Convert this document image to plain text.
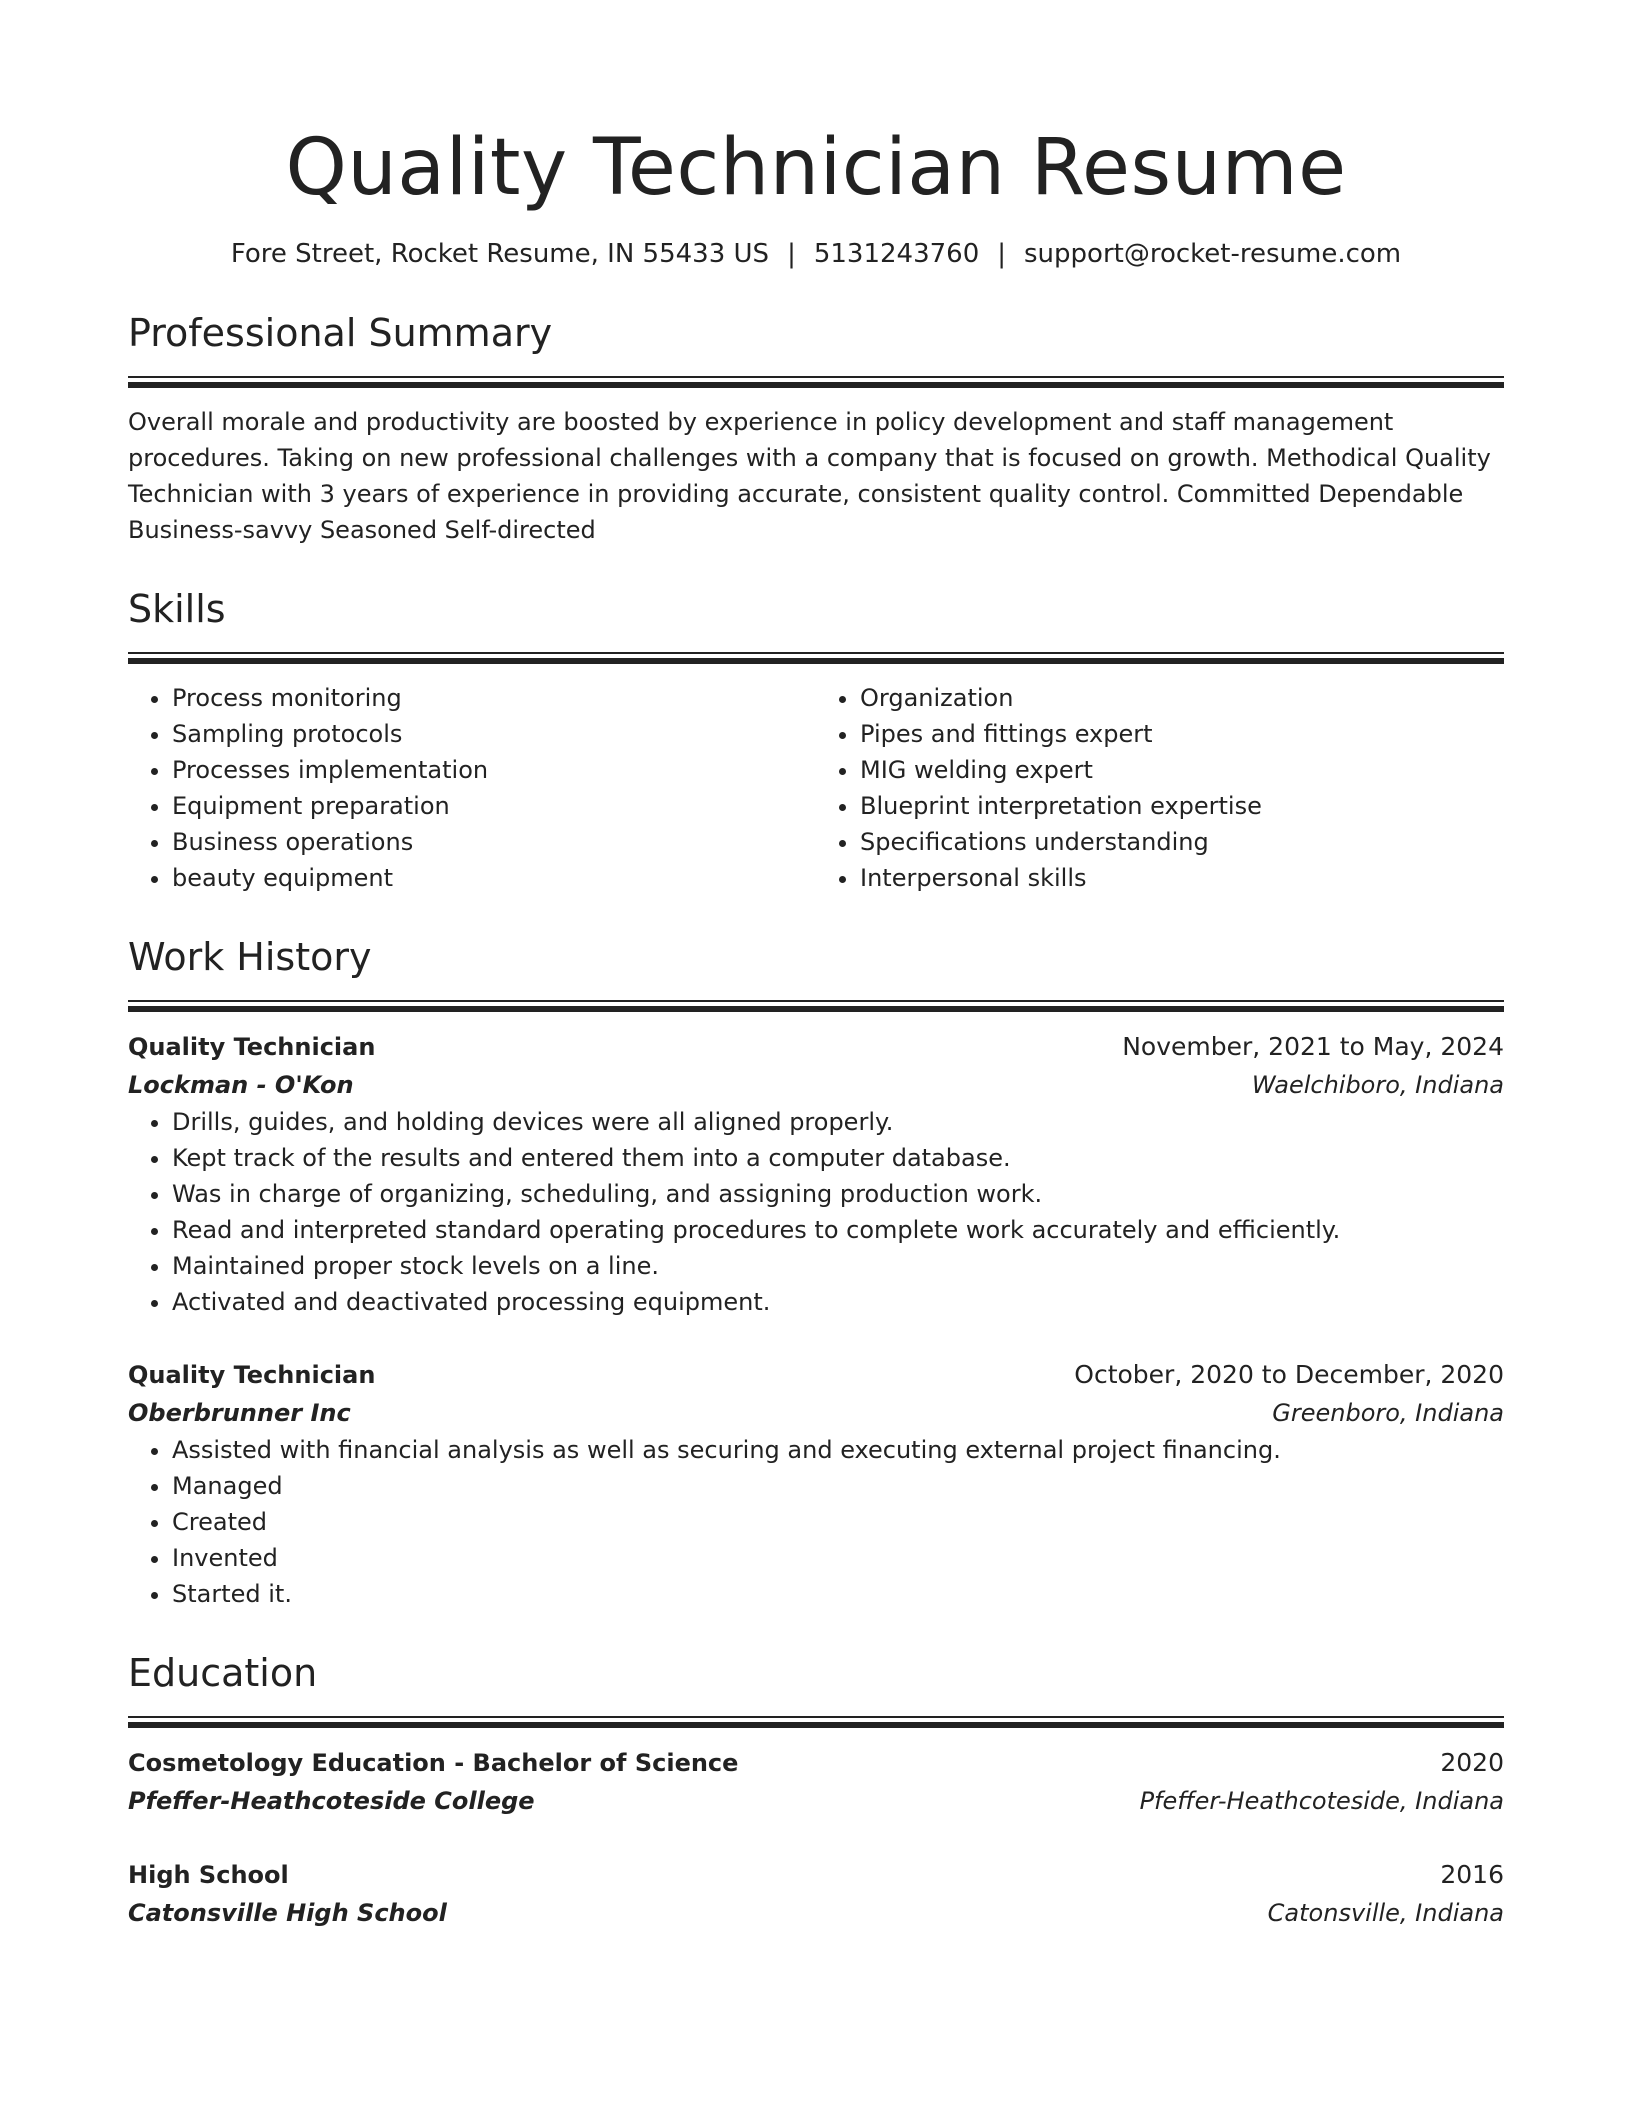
Quality Technician Resume
Fore Street, Rocket Resume, IN 55433 US | 5131243760 | support@rocket-resume.com
Professional Summary
Overall morale and productivity are boosted by experience in policy development and staff management procedures. Taking on new professional challenges with a company that is focused on growth. Methodical Quality Technician with 3 years of experience in providing accurate, consistent quality control. Committed Dependable Business-savvy Seasoned Self-directed
Skills
• Process monitoring
• Sampling protocols
• Processes implementation
• Equipment preparation
• Business operations
• beauty equipment
• Organization
• Pipes and fittings expert
• MIG welding expert
• Blueprint interpretation expertise
• Specifications understanding
• Interpersonal skills
Work History
Quality Technician	November, 2021 to May, 2024
Lockman - O'Kon	Waelchiboro, Indiana
• Drills, guides, and holding devices were all aligned properly.
• Kept track of the results and entered them into a computer database.
• Was in charge of organizing, scheduling, and assigning production work.
• Read and interpreted standard operating procedures to complete work accurately and efficiently.
• Maintained proper stock levels on a line.
• Activated and deactivated processing equipment.
Quality Technician	October, 2020 to December, 2020
Oberbrunner Inc	Greenboro, Indiana
• Assisted with financial analysis as well as securing and executing external project financing.
• Managed
• Created
• Invented
• Started it.
Education
Cosmetology Education - Bachelor of Science	2020
Pfeffer-Heathcoteside College	Pfeffer-Heathcoteside, Indiana
High School	2016
Catonsville High School	Catonsville, Indiana
